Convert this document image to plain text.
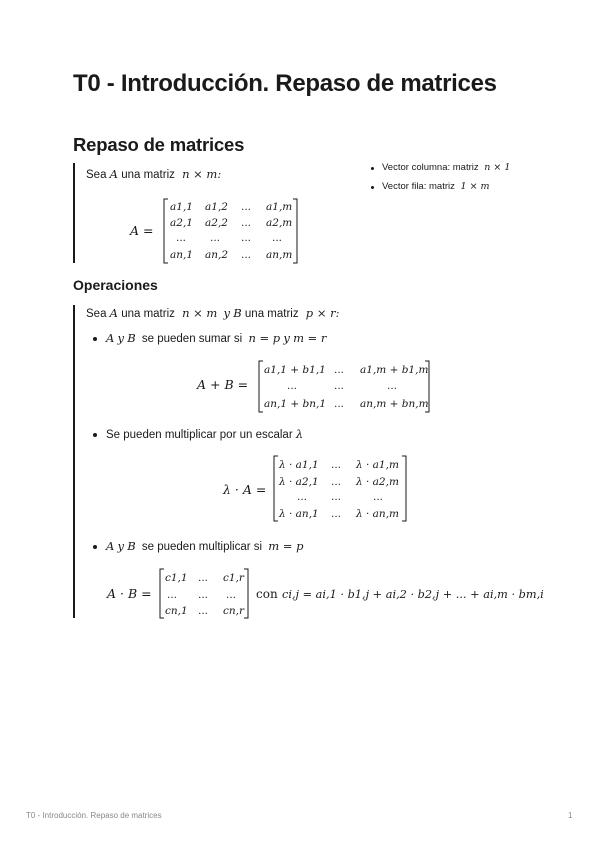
T0 - Introducción. Repaso de matrices
Repaso de matrices
Sea A una matriz n × m:
A =
a1,1 a1,2 ... a1,m
a2,1 a2,2 ... a2,m
... ... ... ...
an,1 an,2 ... an,m
Vector columna: matriz n × 1
Vector fila: matriz 1 × m
Operaciones
Sea A una matriz n × m y B una matriz p × r:
A y B se pueden sumar si n = p y m = r
A + B =
a1,1 + b1,1 ... a1,m + b1,m
...	...	...
an,1 + bn,1 ... an,m + bn,m
Se pueden multiplicar por un escalar λ
λ · A =
λ · a1,1 ... λ · a1,m
λ · a2,1 ... λ · a2,m
... ...	...
λ · an,1 ... λ · an,m
A y B se pueden multiplicar si m = p
A · B =
c1,1 ... c1,r
... ... ...
cn,1 ... cn,r
con ci,j = ai,1 · b1,j + ai,2 · b2,j + ... + ai,m · bm,i
T0 - Introducción. Repaso de matrices	1
